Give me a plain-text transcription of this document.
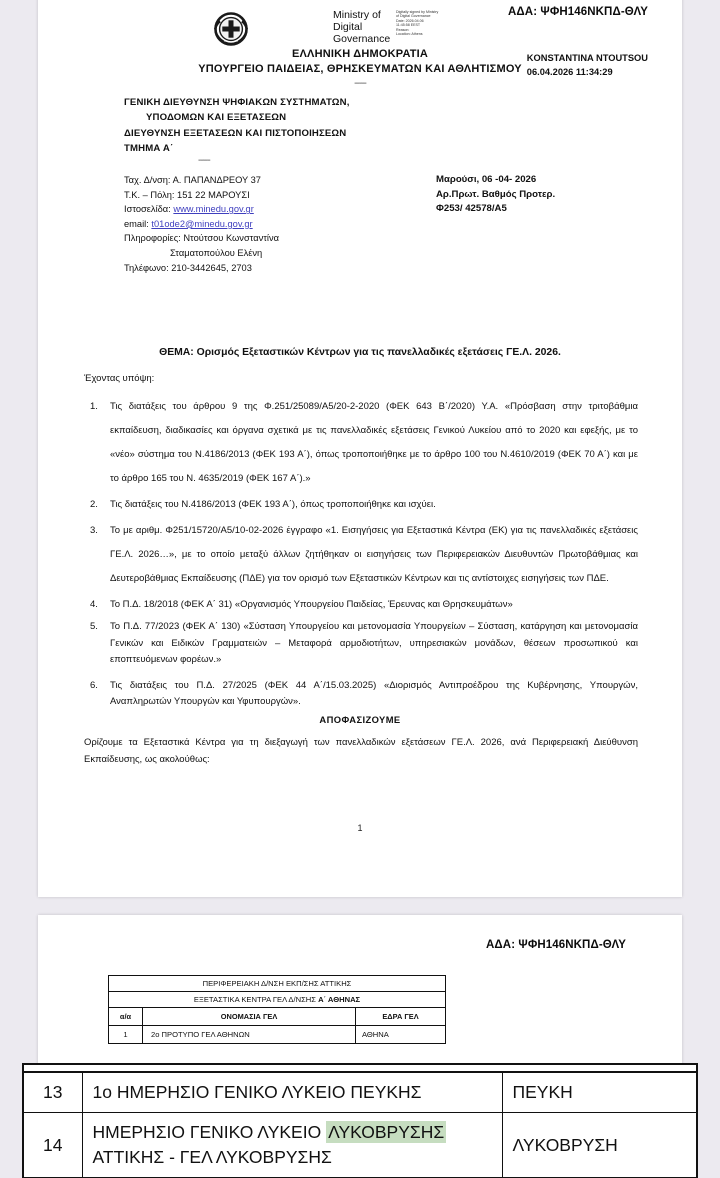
ΑΔΑ: ΨΦΗ146ΝΚΠΔ-ΘΛΥ
Ministry of
Digital
Governance
Digitally signed by Ministry
of Digital Governance
Date: 2026.04.06
11:45:58 EEST
Reason:
Location: Athens
ΕΛΛΗΝΙΚΗ ΔΗΜΟΚΡΑΤΙΑ
ΥΠΟΥΡΓΕΙΟ ΠΑΙΔΕΙΑΣ, ΘΡΗΣΚΕΥΜΑΤΩΝ ΚΑΙ ΑΘΛΗΤΙΣΜΟΥ
-----
ΓΕΝΙΚΗ ΔΙΕΥΘΥΝΣΗ ΨΗΦΙΑΚΩΝ ΣΥΣΤΗΜΑΤΩΝ,
ΥΠΟΔΟΜΩΝ ΚΑΙ ΕΞΕΤΑΣΕΩΝ
ΔΙΕΥΘΥΝΣΗ ΕΞΕΤΑΣΕΩΝ ΚΑΙ ΠΙΣΤΟΠΟΙΗΣΕΩΝ
ΤΜΗΜΑ Α΄
-----
Ταχ. Δ/νση: Α. ΠΑΠΑΝΔΡΕΟΥ 37
Τ.Κ. – Πόλη: 151 22 ΜΑΡΟΥΣΙ
Ιστοσελίδα: www.minedu.gov.gr
email: t01ode2@minedu.gov.gr
Πληροφορίες: Ντούτσου Κωνσταντίνα
Σταματοπούλου Ελένη
Τηλέφωνο: 210-3442645, 2703
KONSTANTINA NTOUTSOU
06.04.2026 11:34:29
Μαρούσι, 06 -04- 2026
Αρ.Πρωτ. Βαθμός Προτερ.
Φ253/ 42578/Α5
ΘΕΜΑ: Ορισμός Εξεταστικών Κέντρων για τις πανελλαδικές εξετάσεις ΓΕ.Λ. 2026.

Έχοντας υπόψη:

1. Τις διατάξεις του άρθρου 9 της Φ.251/25089/Α5/20-2-2020 (ΦΕΚ 643 Β΄/2020) Υ.Α. «Πρόσβαση στην τριτοβάθμια εκπαίδευση, διαδικασίες και όργανα σχετικά με τις πανελλαδικές εξετάσεις Γενικού Λυκείου από το 2020 και εφεξής, με το «νέο» σύστημα του Ν.4186/2013 (ΦΕΚ 193 Α΄), όπως τροποποιήθηκε με το άρθρο 100 του Ν.4610/2019 (ΦΕΚ 70 Α΄) και με το άρθρο 165 του Ν. 4635/2019 (ΦΕΚ 167 Α΄).»
2. Τις διατάξεις του Ν.4186/2013 (ΦΕΚ 193 Α΄), όπως τροποποιήθηκε και ισχύει.
3. Το με αριθμ. Φ251/15720/Α5/10-02-2026 έγγραφο «1. Εισηγήσεις για Εξεταστικά Κέντρα (ΕΚ) για τις πανελλαδικές εξετάσεις ΓΕ.Λ. 2026…», με το οποίο μεταξύ άλλων ζητήθηκαν οι εισηγήσεις των Περιφερειακών Διευθυντών Πρωτοβάθμιας και Δευτεροβάθμιας Εκπαίδευσης (ΠΔΕ) για τον ορισμό των Εξεταστικών Κέντρων και τις αντίστοιχες εισηγήσεις των ΠΔΕ.
4. Το Π.Δ. 18/2018 (ΦΕΚ Α΄ 31) «Οργανισμός Υπουργείου Παιδείας, Έρευνας και Θρησκευμάτων»
5. Το Π.Δ. 77/2023 (ΦΕΚ Α΄ 130) «Σύσταση Υπουργείου και μετονομασία Υπουργείων – Σύσταση, κατάργηση και μετονομασία Γενικών και Ειδικών Γραμματειών – Μεταφορά αρμοδιοτήτων, υπηρεσιακών μονάδων, θέσεων προσωπικού και εποπτευόμενων φορέων.»
6. Τις διατάξεις του Π.Δ. 27/2025 (ΦΕΚ 44 Α΄/15.03.2025) «Διορισμός Αντιπροέδρου της Κυβέρνησης, Υπουργών, Αναπληρωτών Υπουργών και Υφυπουργών».
ΑΠΟΦΑΣΙΖΟΥΜΕ
Ορίζουμε τα Εξεταστικά Κέντρα για τη διεξαγωγή των πανελλαδικών εξετάσεων ΓΕ.Λ. 2026, ανά Περιφερειακή Διεύθυνση Εκπαίδευσης, ως ακολούθως:
1
ΑΔΑ: ΨΦΗ146ΝΚΠΔ-ΘΛΥ
ΠΕΡΙΦΕΡΕΙΑΚΗ Δ/ΝΣΗ ΕΚΠ/ΣΗΣ ΑΤΤΙΚΗΣ		
ΕΞΕΤΑΣΤΙΚΑ ΚΕΝΤΡΑ ΓΕΛ Δ/ΝΣΗΣ Α΄ ΑΘΗΝΑΣ		
α/α	ΟΝΟΜΑΣΙΑ ΓΕΛ	ΕΔΡΑ ΓΕΛ
1	2ο ΠΡΟΤΥΠΟ ΓΕΛ ΑΘΗΝΩΝ	ΑΘΗΝΑ
13	1ο ΗΜΕΡΗΣΙΟ ΓΕΝΙΚΟ ΛΥΚΕΙΟ ΠΕΥΚΗΣ	ΠΕΥΚΗ
14	ΗΜΕΡΗΣΙΟ ΓΕΝΙΚΟ ΛΥΚΕΙΟ ΛΥΚΟΒΡΥΣΗΣ
ΑΤΤΙΚΗΣ - ΓΕΛ ΛΥΚΟΒΡΥΣΗΣ	ΛΥΚΟΒΡΥΣΗ
